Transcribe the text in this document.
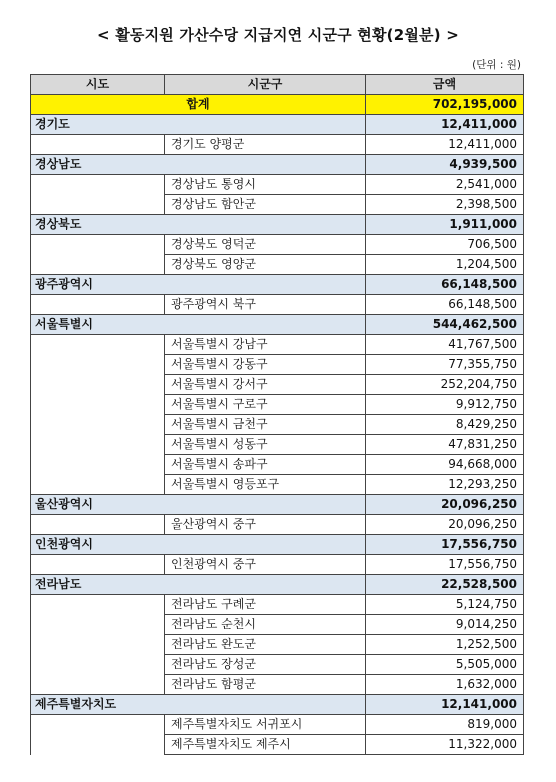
< 활동지원 가산수당 지급지연 시군구 현황(2월분) >
(단위 : 원)
시도	시군구	금액
합계		702,195,000
경기도		12,411,000
	경기도 양평군	12,411,000
경상남도		4,939,500
	경상남도 통영시	2,541,000
	경상남도 함안군	2,398,500
경상북도		1,911,000
	경상북도 영덕군	706,500
	경상북도 영양군	1,204,500
광주광역시		66,148,500
	광주광역시 북구	66,148,500
서울특별시		544,462,500
	서울특별시 강남구	41,767,500
	서울특별시 강동구	77,355,750
	서울특별시 강서구	252,204,750
	서울특별시 구로구	9,912,750
	서울특별시 금천구	8,429,250
	서울특별시 성동구	47,831,250
	서울특별시 송파구	94,668,000
	서울특별시 영등포구	12,293,250
울산광역시		20,096,250
	울산광역시 중구	20,096,250
인천광역시		17,556,750
	인천광역시 중구	17,556,750
전라남도		22,528,500
	전라남도 구례군	5,124,750
	전라남도 순천시	9,014,250
	전라남도 완도군	1,252,500
	전라남도 장성군	5,505,000
	전라남도 함평군	1,632,000
제주특별자치도		12,141,000
	제주특별자치도 서귀포시	819,000
	제주특별자치도 제주시	11,322,000
